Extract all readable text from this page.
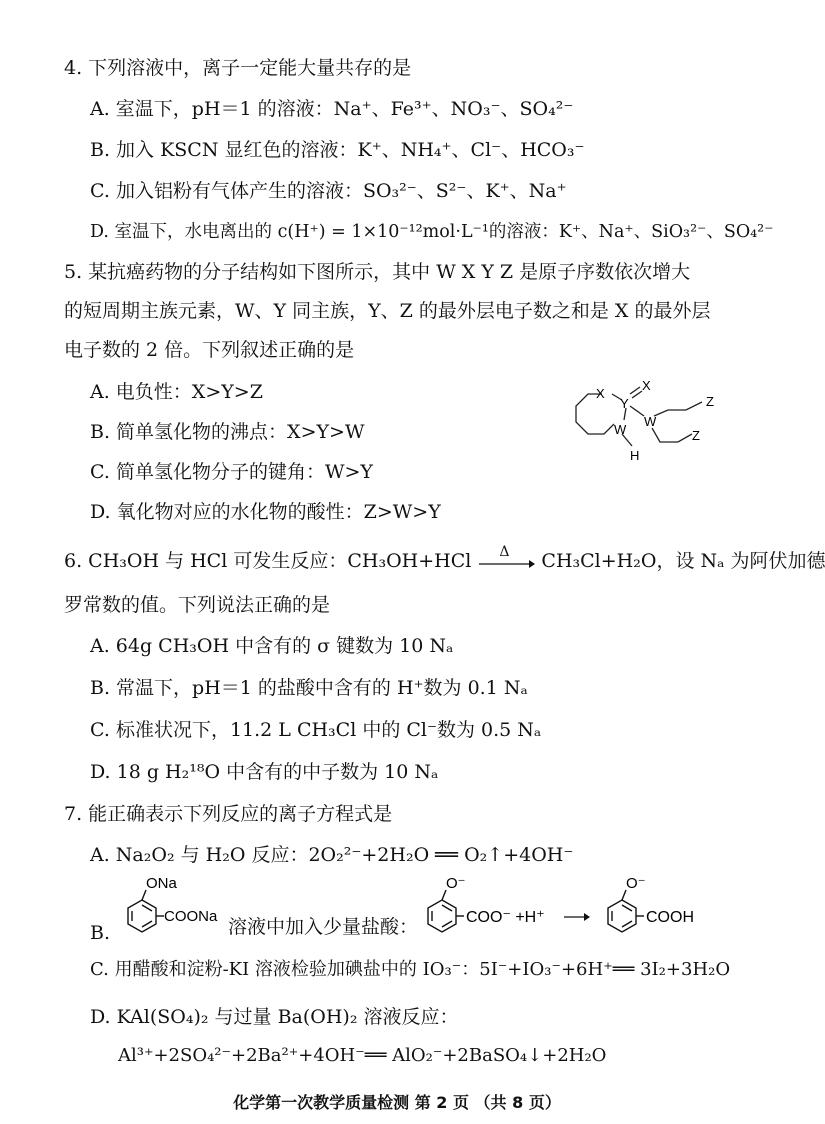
4. 下列溶液中，离子一定能大量共存的是
A. 室温下，pH＝1 的溶液：Na⁺、Fe³⁺、NO₃⁻、SO₄²⁻
B. 加入 KSCN 显红色的溶液：K⁺、NH₄⁺、Cl⁻、HCO₃⁻
C. 加入铝粉有气体产生的溶液：SO₃²⁻、S²⁻、K⁺、Na⁺
D. 室温下，水电离出的 c(H⁺) = 1×10⁻¹²mol·L⁻¹的溶液：K⁺、Na⁺、SiO₃²⁻、SO₄²⁻
5. 某抗癌药物的分子结构如下图所示，其中 W X Y Z 是原子序数依次增大
的短周期主族元素，W、Y 同主族，Y、Z 的最外层电子数之和是 X 的最外层
电子数的 2 倍。下列叙述正确的是
A. 电负性：X>Y>Z
B. 简单氢化物的沸点：X>Y>W
C. 简单氢化物分子的键角：W>Y
D. 氧化物对应的水化物的酸性：Z>W>Y
X
X
Y
W
W
H
Z
Z
6. CH₃OH 与 HCl 可发生反应：CH₃OH+HCl Δ CH₃Cl+H₂O，设 Nₐ 为阿伏加德
罗常数的值。下列说法正确的是
A. 64g CH₃OH 中含有的 σ 键数为 10 Nₐ
B. 常温下，pH＝1 的盐酸中含有的 H⁺数为 0.1 Nₐ
C. 标准状况下，11.2 L CH₃Cl 中的 Cl⁻数为 0.5 Nₐ
D. 18 g H₂¹⁸O 中含有的中子数为 10 Nₐ
7. 能正确表示下列反应的离子方程式是
A. Na₂O₂ 与 H₂O 反应：2O₂²⁻+2H₂O ══ O₂↑+4OH⁻
B.
ONa
COONa 溶液中加入少量盐酸：
O⁻
COO⁻ +H⁺
O⁻
COOH
C. 用醋酸和淀粉-KI 溶液检验加碘盐中的 IO₃⁻：5I⁻+IO₃⁻+6H⁺══ 3I₂+3H₂O
D. KAl(SO₄)₂ 与过量 Ba(OH)₂ 溶液反应：
Al³⁺+2SO₄²⁻+2Ba²⁺+4OH⁻══ AlO₂⁻+2BaSO₄↓+2H₂O
化学第一次教学质量检测 第 2 页 （共 8 页）
